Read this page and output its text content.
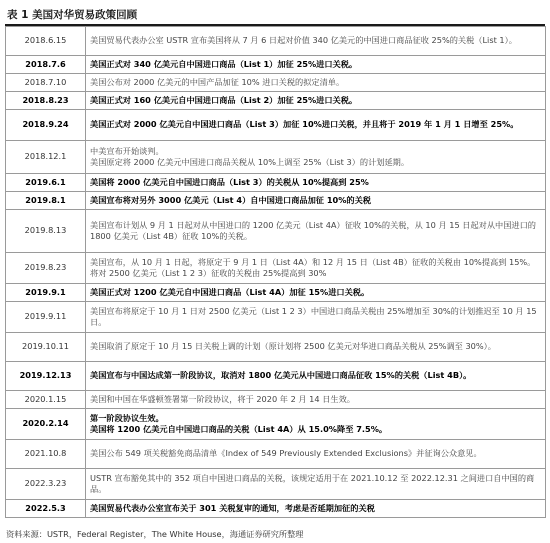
表 1 美国对华贸易政策回顾
2018.6.15	美国贸易代表办公室 USTR 宣布美国将从 7 月 6 日起对价值 340 亿美元的中国进口商品征收 25%的关税（List 1）。

2018.7.6	美国正式对 340 亿美元自中国进口商品（List 1）加征 25%进口关税。

2018.7.10	美国公布对 2000 亿美元的中国产品加征 10% 进口关税的拟定清单。

2018.8.23	美国正式对 160 亿美元自中国进口商品（List 2）加征 25%进口关税。

2018.9.24	美国正式对 2000 亿美元自中国进口商品（List 3）加征 10%进口关税，并且将于 2019 年 1 月 1 日增至 25%。

2018.12.1	中美宣布开始谈判。
美国原定将 2000 亿美元中国进口商品关税从 10%上调至 25%（List 3）的计划延期。

2019.6.1	美国将 2000 亿美元自中国进口商品（List 3）的关税从 10%提高到 25%

2019.8.1	美国宣布将对另外 3000 亿美元（List 4）自中国进口商品加征 10%的关税

2019.8.13	美国宣布计划从 9 月 1 日起对从中国进口的 1200 亿美元（List 4A）征收 10%的关税，从 10 月 15 日起对从中国进口的 1800 亿美元（List 4B）征收 10%的关税。

2019.8.23	美国宣布，从 10 月 1 日起，将原定于 9 月 1 日（List 4A）和 12 月 15 日（List 4B）征收的关税由 10%提高到 15%。将对 2500 亿美元（List 1 2 3）征收的关税由 25%提高到 30%

2019.9.1	美国正式对 1200 亿美元自中国进口商品（List 4A）加征 15%进口关税。

2019.9.11	美国宣布将原定于 10 月 1 日对 2500 亿美元（List 1 2 3）中国进口商品关税由 25%增加至 30%的计划推迟至 10 月 15 日。

2019.10.11	美国取消了原定于 10 月 15 日关税上调的计划（原计划将 2500 亿美元对华进口商品关税从 25%调至 30%）。

2019.12.13	美国宣布与中国达成第一阶段协议，取消对 1800 亿美元从中国进口商品征收 15%的关税（List 4B）。

2020.1.15	美国和中国在华盛顿签署第一阶段协议，将于 2020 年 2 月 14 日生效。

2020.2.14	第一阶段协议生效。
美国将 1200 亿美元自中国进口商品的关税（List 4A）从 15.0%降至 7.5%。

2021.10.8	美国公布 549 项关税豁免商品清单《Index of 549 Previously Extended Exclusions》并征询公众意见。

2022.3.23	USTR 宣布豁免其中的 352 项自中国进口商品的关税，该规定适用于在 2021.10.12 至 2022.12.31 之间进口自中国的商品。

2022.5.3	美国贸易代表办公室宣布关于 301 关税复审的通知，考虑是否延期加征的关税
资料来源：USTR，Federal Register，The White House，海通证券研究所整理
